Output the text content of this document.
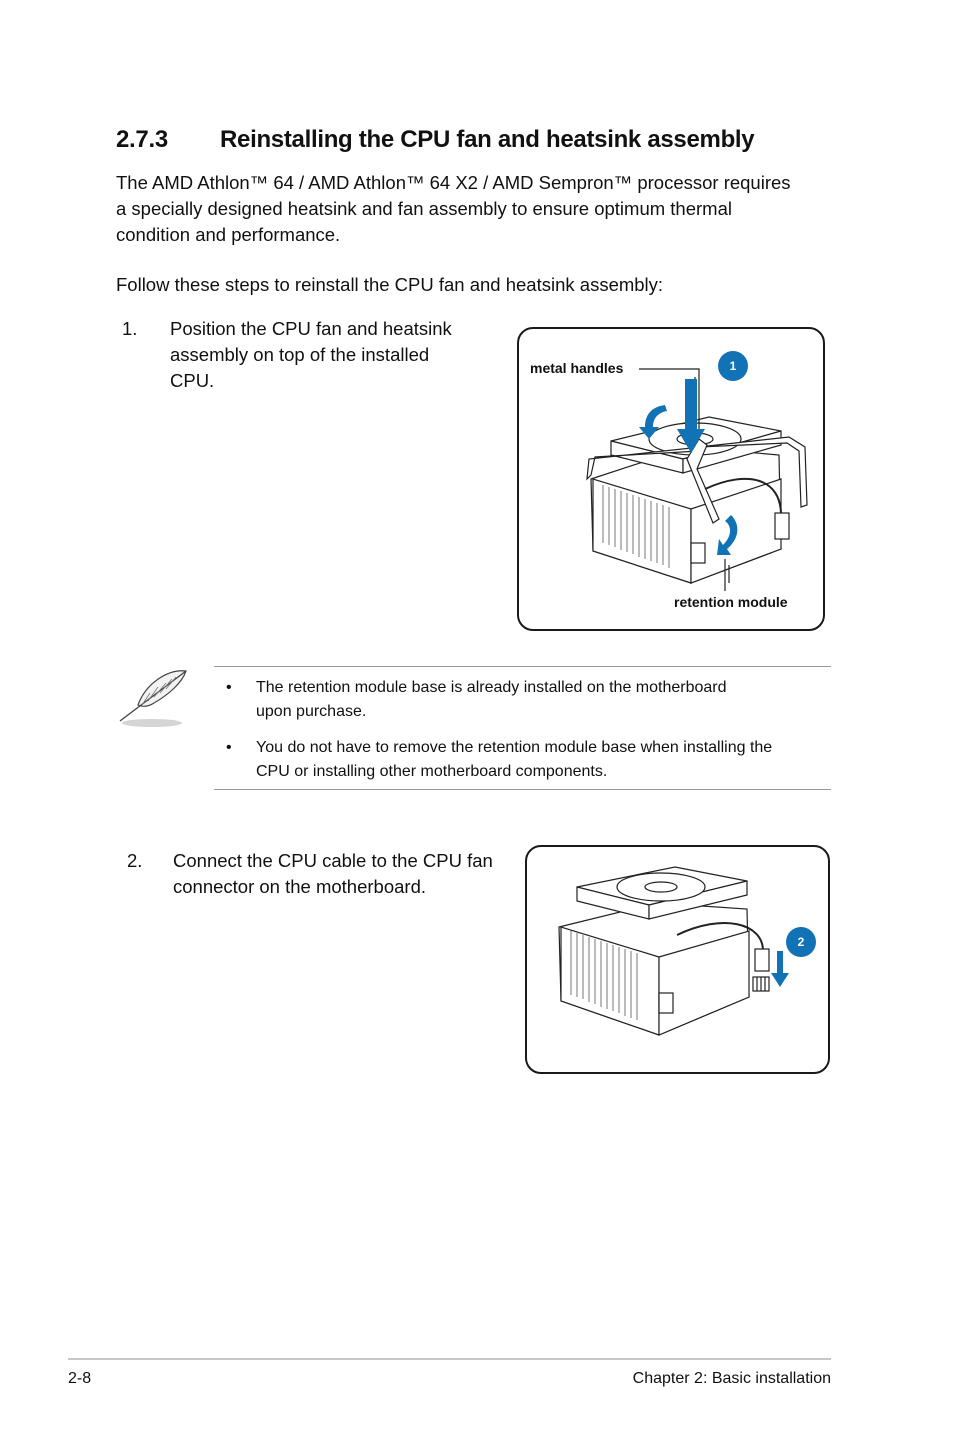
2.7.3 Reinstalling the CPU fan and heatsink assembly
The AMD Athlon™ 64 / AMD Athlon™ 64 X2 / AMD Sempron™ processor requires
a specially designed heatsink and fan assembly to ensure optimum thermal
condition and performance.
Follow these steps to reinstall the CPU fan and heatsink assembly:
1. Position the CPU fan and heatsink
assembly on top of the installed
CPU.
metal handles
retention module
1
• The retention module base is already installed on the motherboard
upon purchase.
• You do not have to remove the retention module base when installing the
CPU or installing other motherboard components.
2. Connect the CPU cable to the CPU fan
connector on the motherboard.
2
2-8	Chapter 2: Basic installation
